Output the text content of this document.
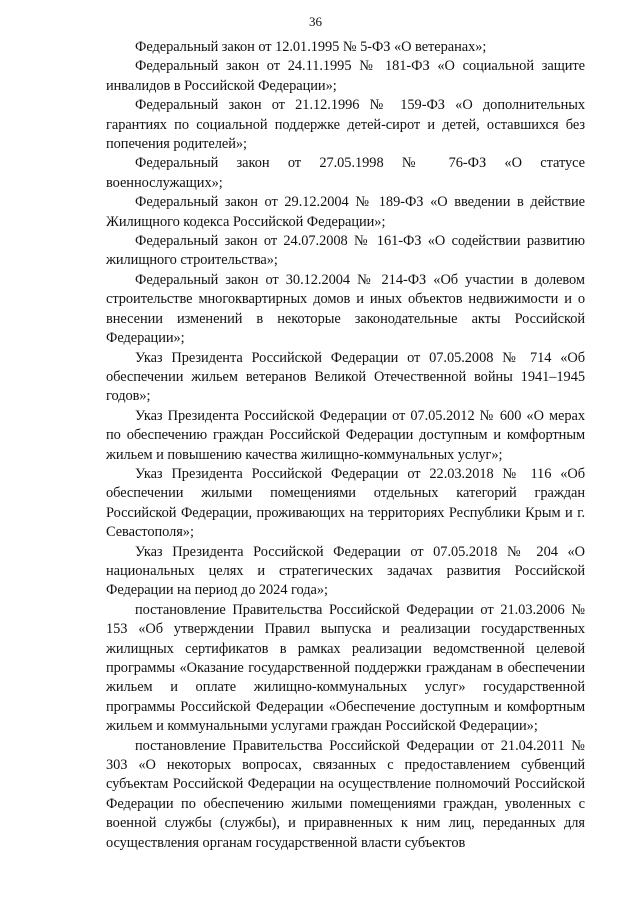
36

Федеральный закон от 12.01.1995 № 5-ФЗ «О ветеранах»;

Федеральный закон от 24.11.1995 № 181-ФЗ «О социальной защите инвалидов в Российской Федерации»;

Федеральный закон от 21.12.1996 № 159-ФЗ «О дополнительных гарантиях по социальной поддержке детей-сирот и детей, оставшихся без попечения родителей»;

Федеральный закон от 27.05.1998 № 76-ФЗ «О статусе военнослужащих»;

Федеральный закон от 29.12.2004 № 189-ФЗ «О введении в действие Жилищного кодекса Российской Федерации»;

Федеральный закон от 24.07.2008 № 161-ФЗ «О содействии развитию жилищного строительства»;

Федеральный закон от 30.12.2004 № 214-ФЗ «Об участии в долевом строительстве многоквартирных домов и иных объектов недвижимости и о внесении изменений в некоторые законодательные акты Российской Федерации»;

Указ Президента Российской Федерации от 07.05.2008 № 714 «Об обеспечении жильем ветеранов Великой Отечественной войны 1941–1945 годов»;

Указ Президента Российской Федерации от 07.05.2012 № 600 «О мерах по обеспечению граждан Российской Федерации доступным и комфортным жильем и повышению качества жилищно-коммунальных услуг»;

Указ Президента Российской Федерации от 22.03.2018 № 116 «Об обеспечении жилыми помещениями отдельных категорий граждан Российской Федерации, проживающих на территориях Республики Крым и г. Севастополя»;

Указ Президента Российской Федерации от 07.05.2018 № 204 «О национальных целях и стратегических задачах развития Российской Федерации на период до 2024 года»;

постановление Правительства Российской Федерации от 21.03.2006 № 153 «Об утверждении Правил выпуска и реализации государственных жилищных сертификатов в рамках реализации ведомственной целевой программы «Оказание государственной поддержки гражданам в обеспечении жильем и оплате жилищно-коммунальных услуг» государственной программы Российской Федерации «Обеспечение доступным и комфортным жильем и коммунальными услугами граждан Российской Федерации»;

постановление Правительства Российской Федерации от 21.04.2011 № 303 «О некоторых вопросах, связанных с предоставлением субвенций субъектам Российской Федерации на осуществление полномочий Российской Федерации по обеспечению жилыми помещениями граждан, уволенных с военной службы (службы), и приравненных к ним лиц, переданных для осуществления органам государственной власти субъектов
